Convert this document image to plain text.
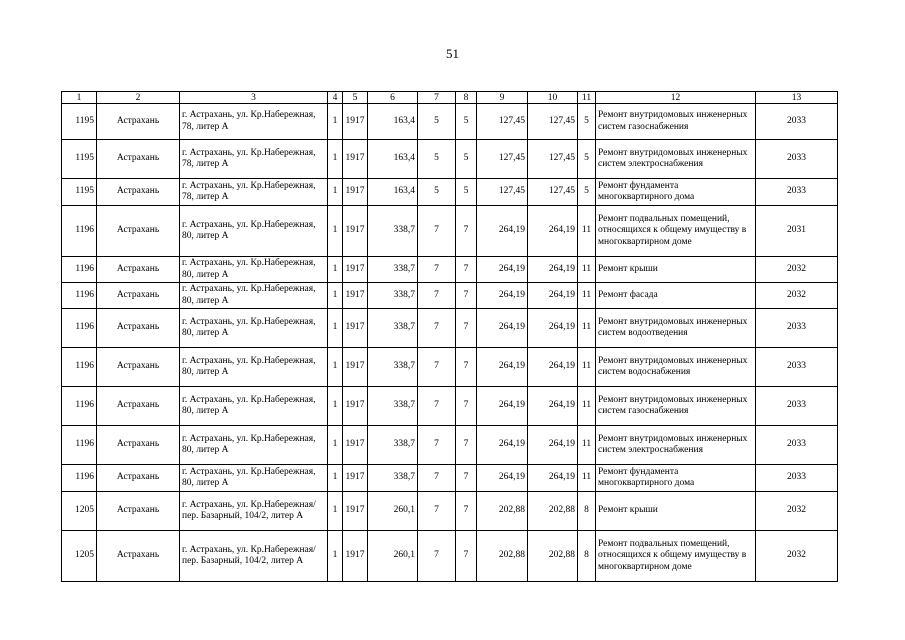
51
1	2	3	4	5	6	7	8	9	10	11	12	13
1195	Астрахань	г. Астрахань, ул. Кр.Набережная, 78, литер А	1	1917	163,4	5	5	127,45	127,45	5	Ремонт внутридомовых инженерных систем газоснабжения	2033
1195	Астрахань	г. Астрахань, ул. Кр.Набережная, 78, литер А	1	1917	163,4	5	5	127,45	127,45	5	Ремонт внутридомовых инженерных систем электроснабжения	2033
1195	Астрахань	г. Астрахань, ул. Кр.Набережная, 78, литер А	1	1917	163,4	5	5	127,45	127,45	5	Ремонт фундамента многоквартирного дома	2033
1196	Астрахань	г. Астрахань, ул. Кр.Набережная, 80, литер А	1	1917	338,7	7	7	264,19	264,19	11	Ремонт подвальных помещений, относящихся к общему имуществу в многоквартирном доме	2031
1196	Астрахань	г. Астрахань, ул. Кр.Набережная, 80, литер А	1	1917	338,7	7	7	264,19	264,19	11	Ремонт крыши	2032
1196	Астрахань	г. Астрахань, ул. Кр.Набережная, 80, литер А	1	1917	338,7	7	7	264,19	264,19	11	Ремонт фасада	2032
1196	Астрахань	г. Астрахань, ул. Кр.Набережная, 80, литер А	1	1917	338,7	7	7	264,19	264,19	11	Ремонт внутридомовых инженерных систем водоотведения	2033
1196	Астрахань	г. Астрахань, ул. Кр.Набережная, 80, литер А	1	1917	338,7	7	7	264,19	264,19	11	Ремонт внутридомовых инженерных систем водоснабжения	2033
1196	Астрахань	г. Астрахань, ул. Кр.Набережная, 80, литер А	1	1917	338,7	7	7	264,19	264,19	11	Ремонт внутридомовых инженерных систем газоснабжения	2033
1196	Астрахань	г. Астрахань, ул. Кр.Набережная, 80, литер А	1	1917	338,7	7	7	264,19	264,19	11	Ремонт внутридомовых инженерных систем электроснабжения	2033
1196	Астрахань	г. Астрахань, ул. Кр.Набережная, 80, литер А	1	1917	338,7	7	7	264,19	264,19	11	Ремонт фундамента многоквартирного дома	2033
1205	Астрахань	г. Астрахань, ул. Кр.Набережная/пер. Базарный, 104/2, литер А	1	1917	260,1	7	7	202,88	202,88	8	Ремонт крыши	2032
1205	Астрахань	г. Астрахань, ул. Кр.Набережная/пер. Базарный, 104/2, литер А	1	1917	260,1	7	7	202,88	202,88	8	Ремонт подвальных помещений, относящихся к общему имуществу в многоквартирном доме	2032
